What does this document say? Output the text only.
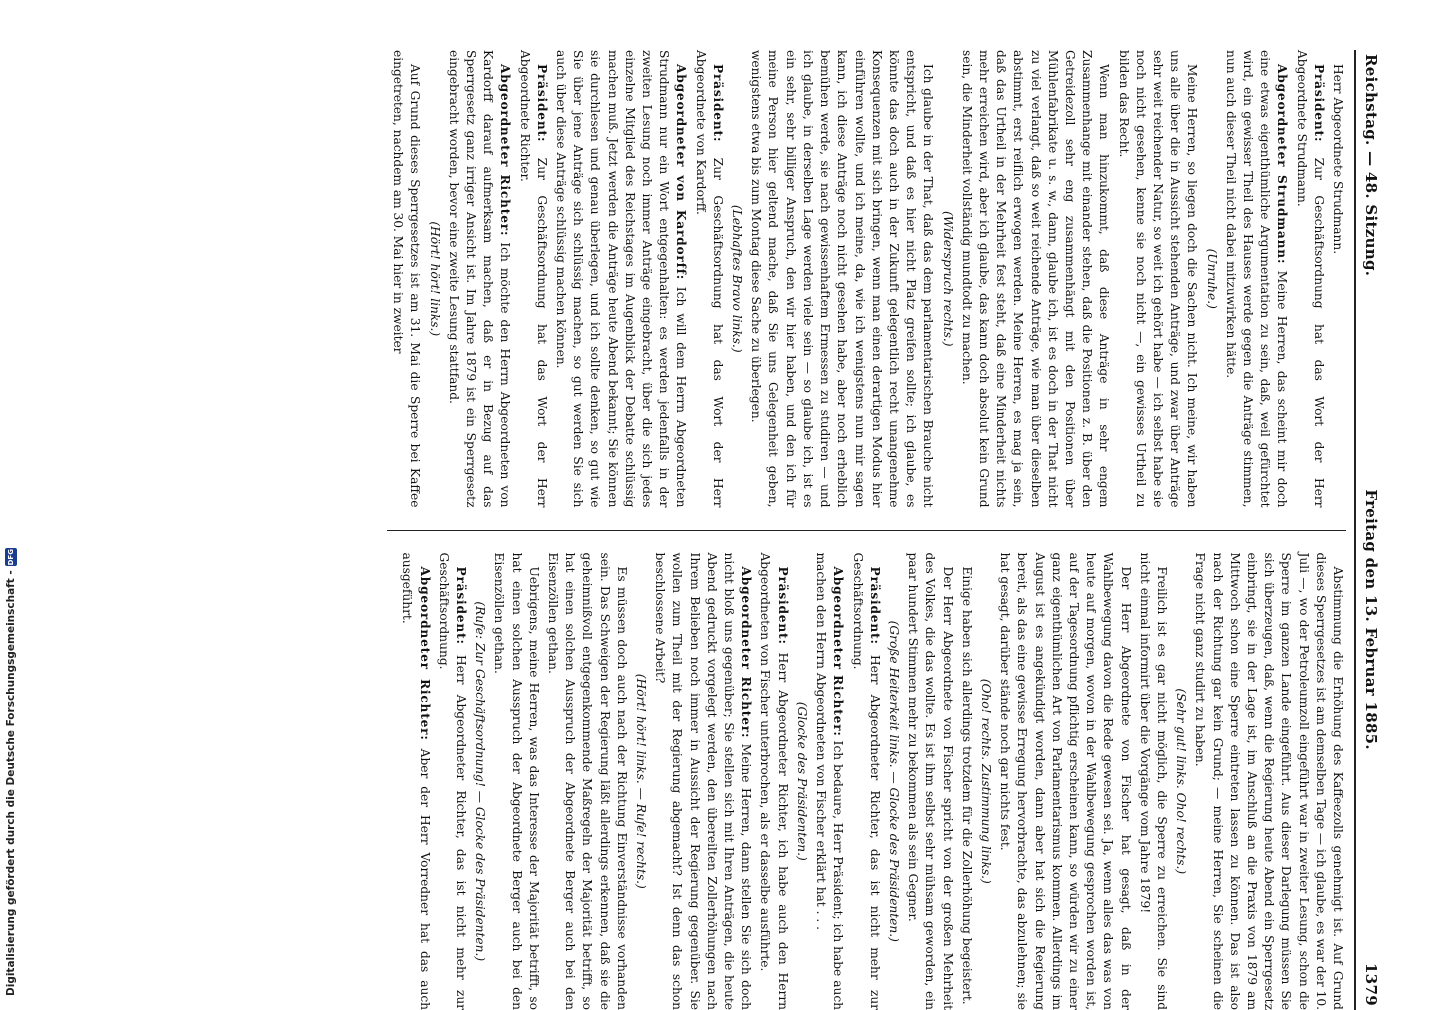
Reichstag. — 48. Sitzung.
Freitag den 13. Februar 1885.
1379

Herr Abgeordnete Strudmann.

Präsident: Zur Geschäftsordnung hat das Wort der Herr Abgeordnete Strudmann.

Abgeordneter Strudmann: Meine Herren, das scheint mir doch eine etwas eigenthümliche Argumentation zu sein, daß, weil gefürchtet wird, ein gewisser Theil des Hauses werde gegen die Anträge stimmen, nun auch dieser Theil nicht dabei mitzuwirken hätte.

(Unruhe.)

Meine Herren, so liegen doch die Sachen nicht. Ich meine, wir haben uns alle über die in Aussicht stehenden Anträge, und zwar über Anträge sehr weit reichender Natur, so weit ich gehört habe — ich selbst habe sie noch nicht gesehen, kenne sie noch nicht —, ein gewisses Urtheil zu bilden das Recht.

Wenn man hinzukommt, daß diese Anträge in sehr engem Zusammenhange mit einander stehen, daß die Positionen z. B. über den Getreidezoll sehr eng zusammenhängt mit den Positionen über Mühlenfabrikate u. s. w., dann, glaube ich, ist es doch in der That nicht zu viel verlangt, daß so weit reichende Anträge, wie man über dieselben abstimmt, erst reiflich erwogen werden. Meine Herren, es mag ja sein, daß das Urtheil in der Mehrheit fest steht, daß eine Minderheit nichts mehr erreichen wird, aber ich glaube, das kann doch absolut kein Grund sein, die Minderheit vollständig mundtodt zu machen.

(Widerspruch rechts.)

Ich glaube in der That, daß das dem parlamentarischen Brauche nicht entspricht, und daß es hier nicht Platz greifen sollte; ich glaube, es könnte das doch auch in der Zukunft gelegentlich recht unangenehme Konsequenzen mit sich bringen, wenn man einen derartigen Modus hier einführen wollte, und ich meine, da, wie ich wenigstens nun mir sagen kann, ich diese Anträge noch nicht gesehen habe, aber noch erheblich bemühen werde, sie nach gewissenhaftem Ermessen zu studiren — und ich glaube, in derselben Lage werden viele sein — so glaube ich, ist es ein sehr, sehr billiger Anspruch, den wir hier haben, und den ich für meine Person hier geltend mache, daß Sie uns Gelegenheit geben, wenigstens etwa bis zum Montag diese Sache zu überlegen.

(Lebhaftes Bravo links.)

Präsident: Zur Geschäftsordnung hat das Wort der Herr Abgeordnete von Kardorff.

Abgeordneter von Kardorff: Ich will dem Herrn Abgeordneten Strudmann nur ein Wort entgegenhalten: es werden jedenfalls in der zweiten Lesung noch immer Anträge eingebracht, über die sich jedes einzelne Mitglied des Reichstages im Augenblick der Debatte schlüssig machen muß. Jetzt werden die Anträge heute Abend bekannt; Sie können sie durchlesen und genau überlegen, und ich sollte denken, so gut wie Sie über jene Anträge sich schlüssig machen, so gut werden Sie sich auch über diese Anträge schlüssig machen können.

Präsident: Zur Geschäftsordnung hat das Wort der Herr Abgeordnete Richter.

Abgeordneter Richter: Ich möchte den Herrn Abgeordneten von Kardorff darauf aufmerksam machen, daß er in Bezug auf das Sperrgesetz ganz irriger Ansicht ist. Im Jahre 1879 ist ein Sperrgesetz eingebracht worden, bevor eine zweite Lesung stattfand.

(Hört! hört! links.)

Auf Grund dieses Sperrgesetzes ist am 31. Mai die Sperre bei Kaffee eingetreten, nachdem am 30. Mai hier in zweiter

Abstimmung die Erhöhung des Kaffeezolls genehmigt ist. Auf Grund dieses Sperrgesetzes ist am demselben Tage — ich glaube, es war der 10. Juli —, wo der Petroleumzoll eingeführt war in zweiter Lesung, schon die Sperre im ganzen Lande eingeführt. Aus dieser Darlegung müssen Sie sich überzeugen, daß, wenn die Regierung heute Abend ein Sperrgesetz einbringt, sie in der Lage ist, im Anschluß an die Praxis von 1879 am Mittwoch schon eine Sperre eintreten lassen zu können. Das ist also nach der Richtung gar kein Grund; — meine Herren, Sie scheinen die Frage nicht ganz studirt zu haben.

(Sehr gut! links. Oho! rechts.)

Freilich ist es gar nicht möglich, die Sperre zu erreichen. Sie sind nicht einmal informirt über die Vorgänge vom Jahre 1879!

Der Herr Abgeordnete von Fischer hat gesagt, daß in der Wahlbewegung davon die Rede gewesen sei. Ja, wenn alles das was von heute auf morgen, wovon in der Wahlbewegung gesprochen worden ist, auf der Tagesordnung pflichtig erscheinen kann, so würden wir zu einer ganz eigenthümlichen Art von Parlamentarismus kommen. Allerdings im August ist es angekündigt worden, dann aber hat sich die Regierung bereit, als das eine gewisse Erregung hervorbrachte, das abzulehnen; sie hat gesagt, darüber stände noch gar nichts fest.

(Oho! rechts. Zustimmung links.)

Einige haben sich allerdings trotzdem für die Zollerhöhung begeistert.

Der Herr Abgeordnete von Fischer spricht von der großen Mehrheit des Volkes, die das wollte. Es ist ihm selbst sehr mühsam geworden, ein paar hundert Stimmen mehr zu bekommen als sein Gegner.

(Große Heiterkeit links. — Glocke des Präsidenten.)

Präsident: Herr Abgeordneter Richter, das ist nicht mehr zur Geschäftsordnung.

Abgeordneter Richter: Ich bedaure, Herr Präsident; ich habe auch machen den Herrn Abgeordneten von Fischer erklärt hat . . .

(Glocke des Präsidenten.)

Präsident: Herr Abgeordneter Richter, ich habe auch den Herrn Abgeordneten von Fischer unterbrochen, als er dasselbe ausführte.

Abgeordneter Richter: Meine Herren, dann stellen Sie sich doch nicht bloß uns gegenüber; Sie stellen sich mit Ihren Anträgen, die heute Abend gedruckt vorgelegt werden, den übereilten Zollerhöhungen nach Ihrem Belieben noch immer in Aussicht der Regierung gegenüber. Sie wollen zum Theil mit der Regierung abgemacht? Ist denn das schon beschlossene Arbeit?

(Hört! hört! links. — Rufe! rechts.)

Es müssen doch auch nach der Richtung Einverständnisse vorhanden sein. Das Schweigen der Regierung läßt allerdings erkennen, daß sie die geheimnißvoll entgegenkommende Maßregeln der Majorität betrifft, so hat einen solchen Ausspruch der Abgeordnete Berger auch bei den Eisenzöllen gethan.

Uebrigens, meine Herren, was das Interesse der Majorität betrifft, so hat einen solchen Ausspruch der Abgeordnete Berger auch bei den Eisenzöllen gethan.

(Rufe: Zur Geschäftsordnung! — Glocke des Präsidenten.)

Präsident: Herr Abgeordneter Richter, das ist nicht mehr zur Geschäftsordnung.

Abgeordneter Richter: Aber der Herr Vorredner hat das auch ausgeführt.

Digitalisierung gefördert durch die Deutsche Forschungsgemeinschaft -
DFG
